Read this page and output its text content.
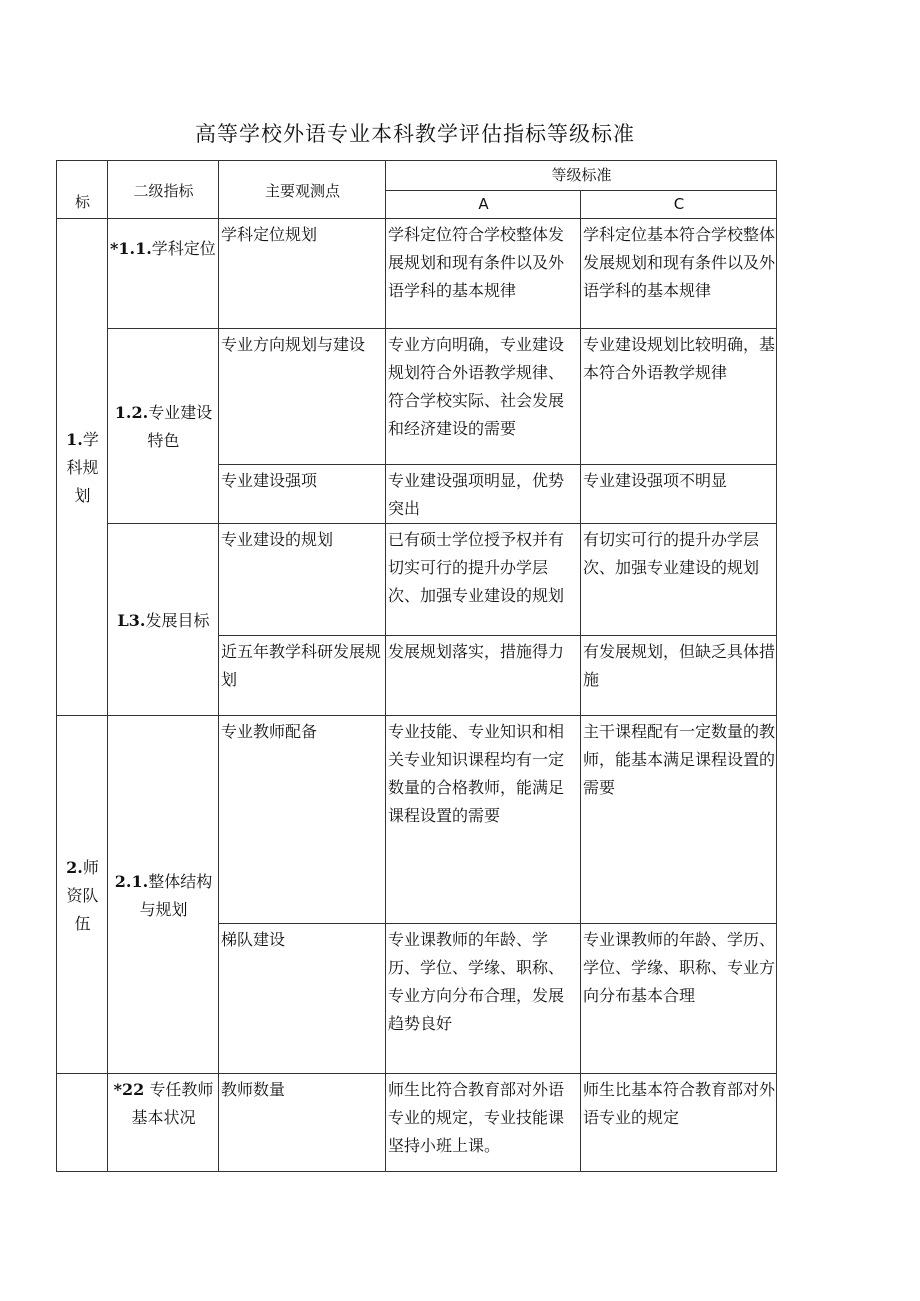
高等学校外语专业本科教学评估指标等级标准
标	二级指标	主要观测点	等级标准	
			A	C
1.学科规划	*1.1.学科定位	学科定位规划	学科定位符合学校整体发展规划和现有条件以及外语学科的基本规律	学科定位基本符合学校整体发展规划和现有条件以及外语学科的基本规律
	1.2.专业建设特色	专业方向规划与建设	专业方向明确，专业建设规划符合外语教学规律、符合学校实际、社会发展和经济建设的需要	专业建设规划比较明确，基本符合外语教学规律
		专业建设强项	专业建设强项明显，优势突出	专业建设强项不明显
	L3.发展目标	专业建设的规划	已有硕士学位授予权并有切实可行的提升办学层次、加强专业建设的规划	有切实可行的提升办学层次、加强专业建设的规划
		近五年教学科研发展规划	发展规划落实，措施得力	有发展规划，但缺乏具体措施
2.师资队伍	2.1.整体结构与规划	专业教师配备	专业技能、专业知识和相关专业知识课程均有一定数量的合格教师，能满足课程设置的需要	主干课程配有一定数量的教师，能基本满足课程设置的需要
		梯队建设	专业课教师的年龄、学历、学位、学缘、职称、专业方向分布合理，发展趋势良好	专业课教师的年龄、学历、学位、学缘、职称、专业方向分布基本合理
	*22 专任教师基本状况	教师数量	师生比符合教育部对外语专业的规定，专业技能课坚持小班上课。	师生比基本符合教育部对外语专业的规定
